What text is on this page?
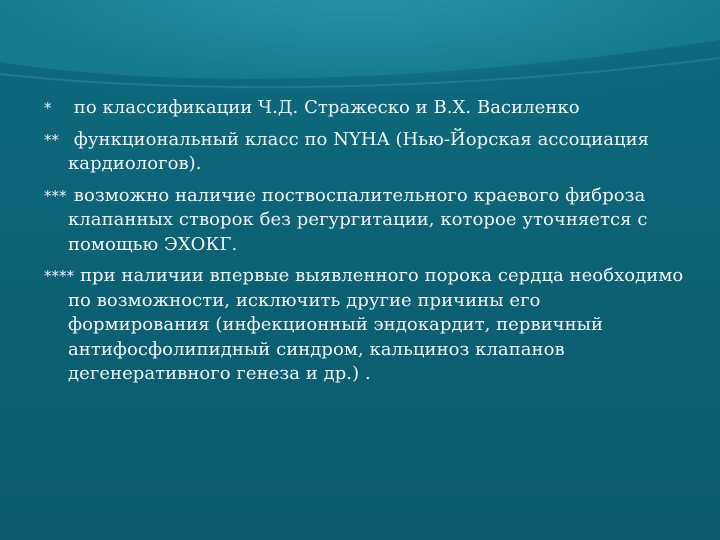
* по классификации Ч.Д. Стражеско и В.Х. Василенко

** функциональный класс по NYHA (Нью-Йорская ассоциация кардиологов).

*** возможно наличие поствоспалительного краевого фиброза клапанных створок без регургитации, которое уточняется с помощью ЭХОКГ.

**** при наличии впервые выявленного порока сердца необходимо по возможности, исключить другие причины его формирования (инфекционный эндокардит, первичный антифосфолипидный синдром, кальциноз клапанов дегенеративного генеза и др.) .
